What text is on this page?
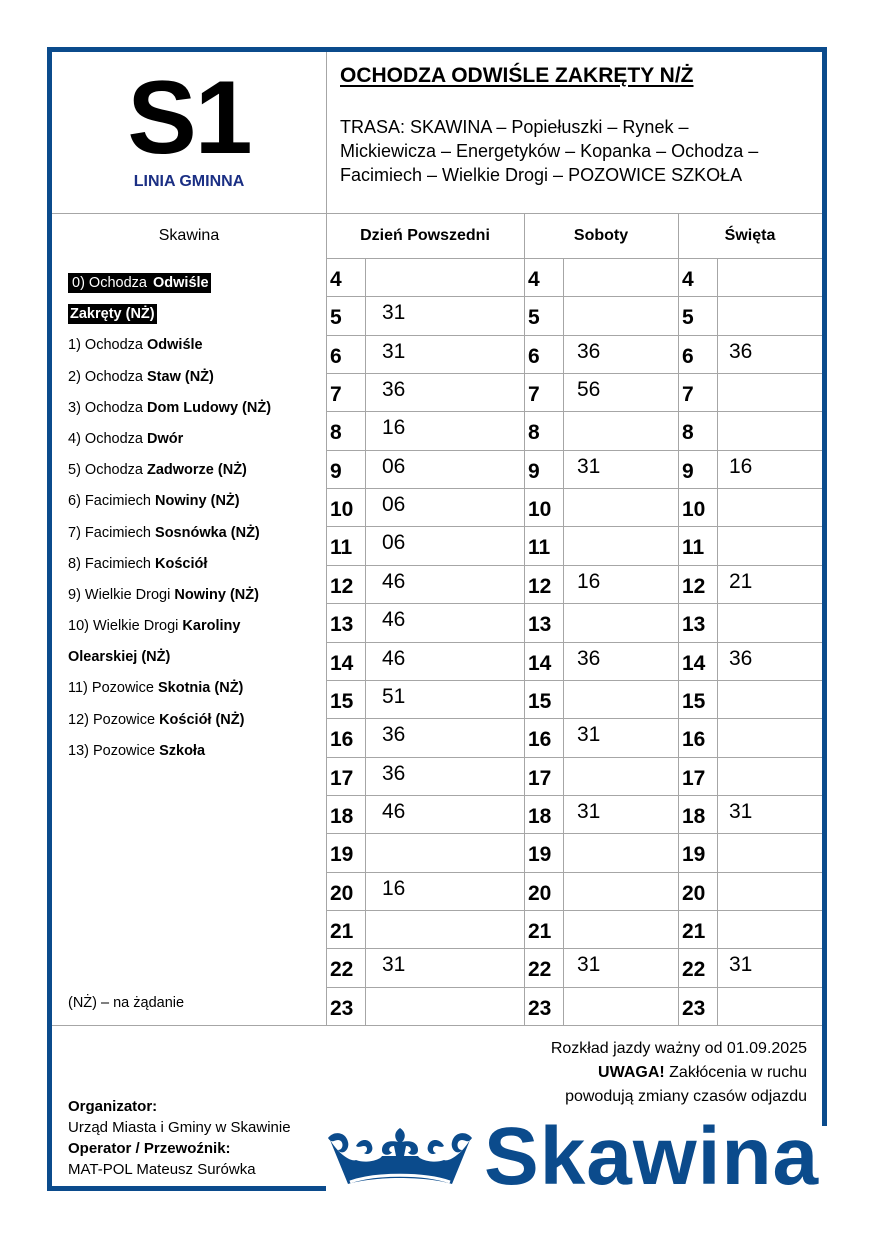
S1
LINIA GMINNA
OCHODZA ODWIŚLE ZAKRĘTY N/Ż
TRASA: SKAWINA – Popiełuszki – Rynek – Mickiewicza – Energetyków – Kopanka – Ochodza – Facimiech – Wielkie Drogi – POZOWICE SZKOŁA
Skawina	Dzień Powszedni	Soboty	Święta
0) Ochodza Odwiśle
Zakręty (NŻ)
1) Ochodza Odwiśle
2) Ochodza Staw (NŻ)
3) Ochodza Dom Ludowy (NŻ)
4) Ochodza Dwór
5) Ochodza Zadworze (NŻ)
6) Facimiech Nowiny (NŻ)
7) Facimiech Sosnówka (NŻ)
8) Facimiech Kościół
9) Wielkie Drogi Nowiny (NŻ)
10) Wielkie Drogi Karoliny
Olearskiej (NŻ)
11) Pozowice Skotnia (NŻ)
12) Pozowice Kościół (NŻ)
13) Pozowice Szkoła
(NŻ) – na żądanie
4	4	4
5 31	5	5
6 31	6 36	6 36
7 36	7 56	7
8 16	8	8
9 06	9 31	9 16
10 06	10	10
11 06	11	11
12 46	12 16	12 21
13 46	13	13
14 46	14 36	14 36
15 51	15	15
16 36	16 31	16
17 36	17	17
18 46	18 31	18 31
19	19	19
20 16	20	20
21	21	21
22 31	22 31	22 31
23	23	23
Rozkład jazdy ważny od 01.09.2025
UWAGA! Zakłócenia w ruchu
powodują zmiany czasów odjazdu
Organizator:
Urząd Miasta i Gminy w Skawinie
Operator / Przewoźnik:
MAT-POL Mateusz Surówka	Skawina
